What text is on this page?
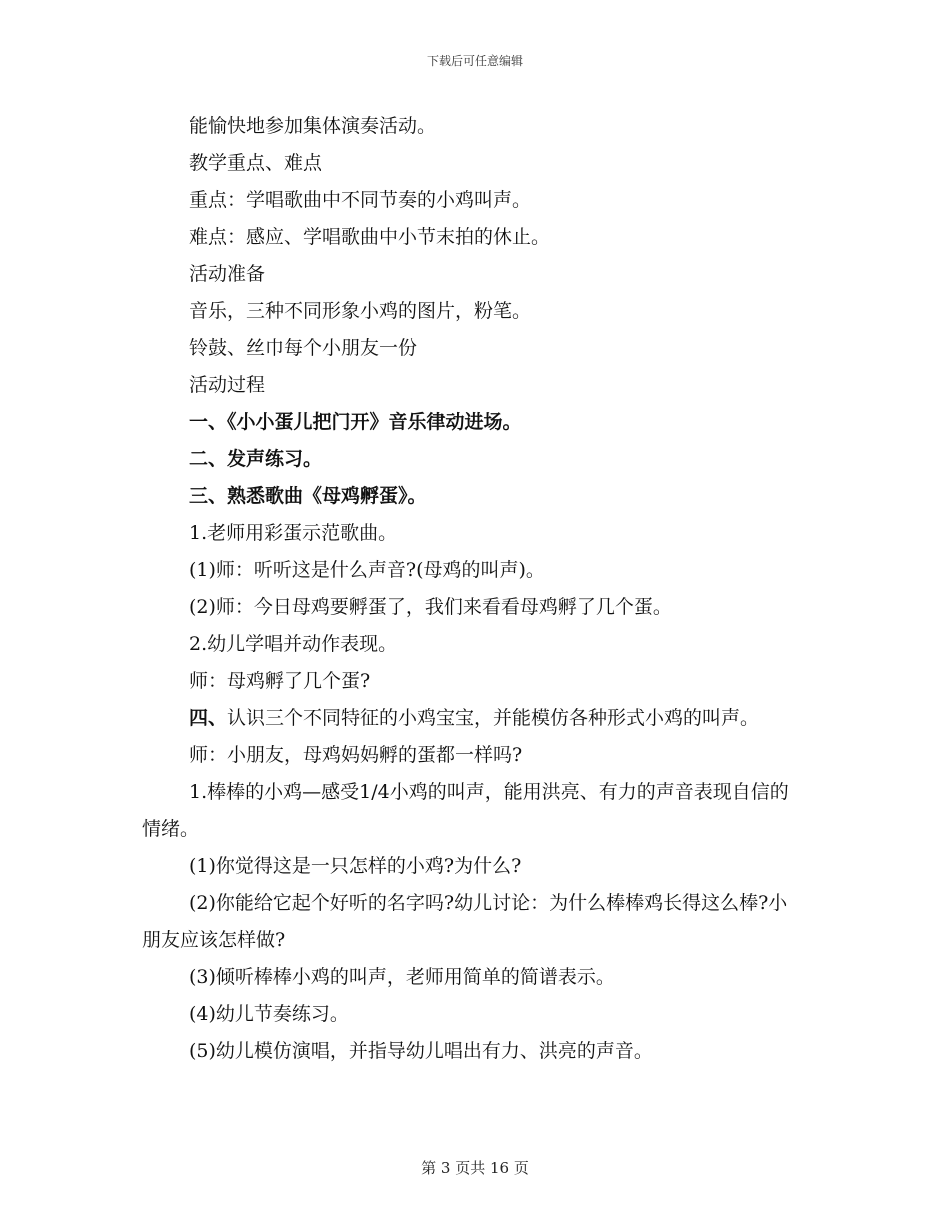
下载后可任意编辑
能愉快地参加集体演奏活动。
教学重点、难点
重点：学唱歌曲中不同节奏的小鸡叫声。
难点：感应、学唱歌曲中小节末拍的休止。
活动准备
音乐，三种不同形象小鸡的图片，粉笔。
铃鼓、丝巾每个小朋友一份
活动过程
一、《小小蛋儿把门开》音乐律动进场。
二、发声练习。
三、熟悉歌曲《母鸡孵蛋》。
1.老师用彩蛋示范歌曲。
(1)师：听听这是什么声音?(母鸡的叫声)。
(2)师：今日母鸡要孵蛋了，我们来看看母鸡孵了几个蛋。
2.幼儿学唱并动作表现。
师：母鸡孵了几个蛋?
四、认识三个不同特征的小鸡宝宝，并能模仿各种形式小鸡的叫声。
师：小朋友，母鸡妈妈孵的蛋都一样吗?
1.棒棒的小鸡—感受1/4小鸡的叫声，能用洪亮、有力的声音表现自信的情绪。
(1)你觉得这是一只怎样的小鸡?为什么?
(2)你能给它起个好听的名字吗?幼儿讨论：为什么棒棒鸡长得这么棒?小朋友应该怎样做?
(3)倾听棒棒小鸡的叫声，老师用简单的简谱表示。
(4)幼儿节奏练习。
(5)幼儿模仿演唱，并指导幼儿唱出有力、洪亮的声音。
第 3 页共 16 页
